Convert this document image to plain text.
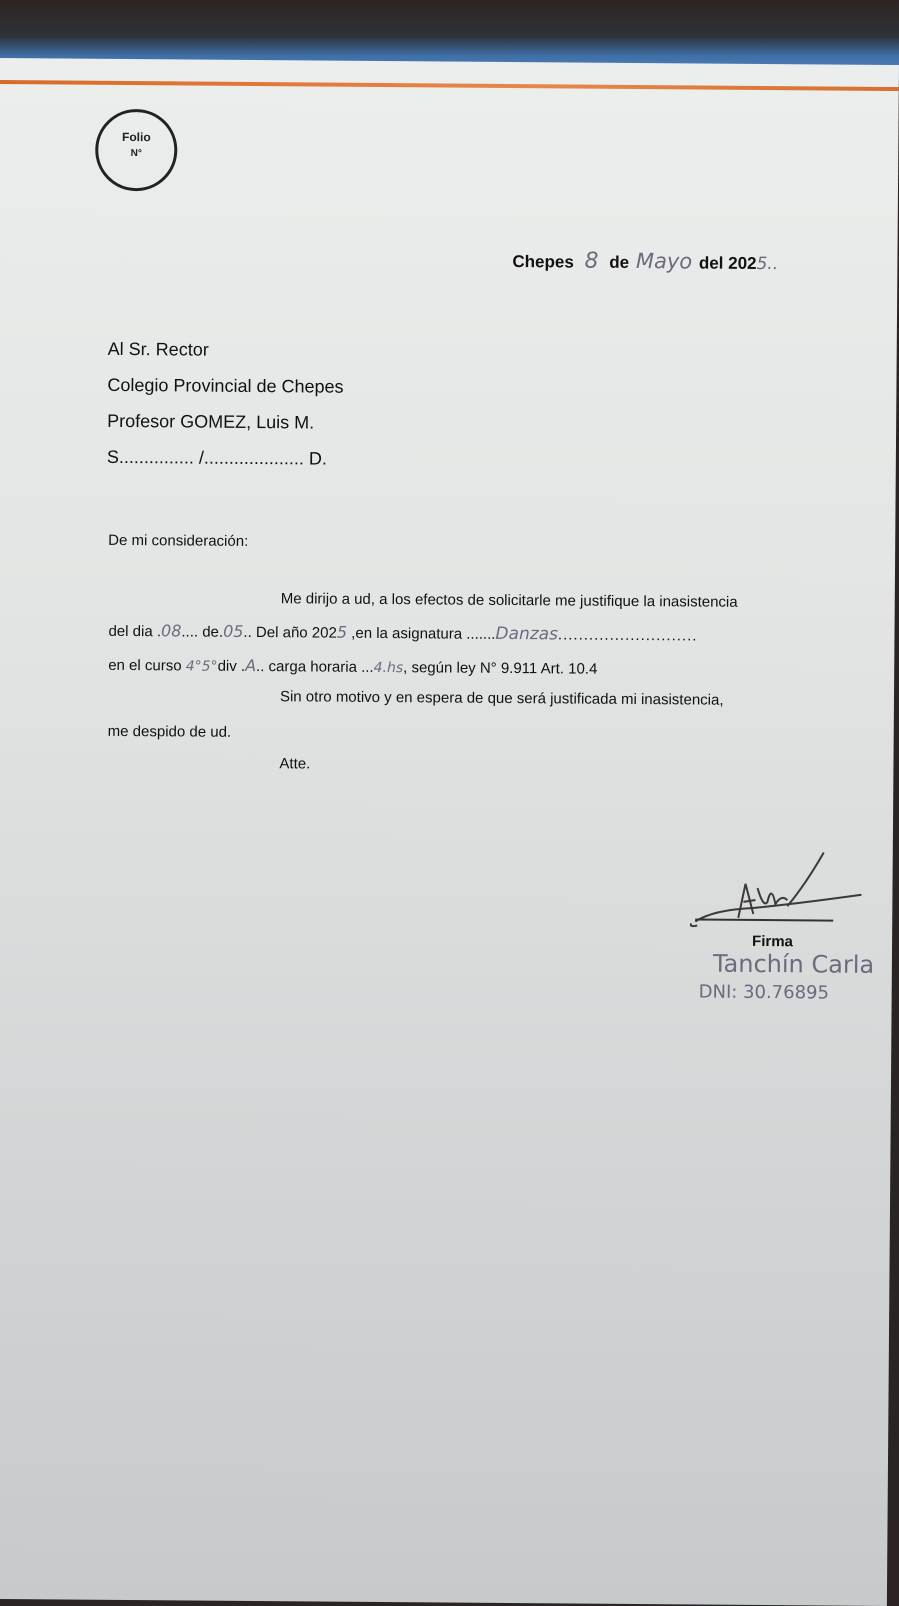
Folio
N°
Chepes 8 de Mayo del 2025..
Al Sr. Rector
Colegio Provincial de Chepes
Profesor GOMEZ, Luis M.
S............... /.................... D.
De mi consideración:
Me dirijo a ud, a los efectos de solicitarle me justifique la inasistencia
del dia .08.... de.05.. Del año 2025 ,en la asignatura .......Danzas...........................
en el curso 4°5°div .A.. carga horaria ...4.hs, según ley N° 9.911 Art. 10.4
Sin otro motivo y en espera de que será justificada mi inasistencia,
me despido de ud.
Atte.
Firma
Tanchín Carla
DNI: 30.76895
